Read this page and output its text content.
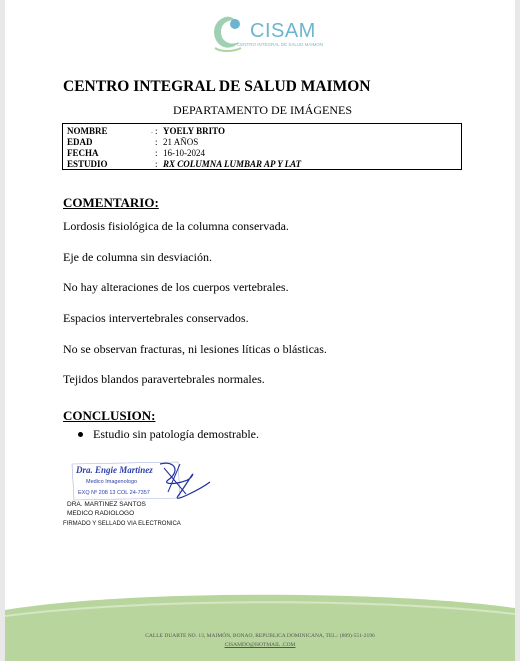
CISAM
CENTRO INTEGRAL DE SALUD MAIMON
CENTRO INTEGRAL DE SALUD MAIMON
DEPARTAMENTO DE IMÁGENES
NOMBRE	ᵕ : YOELY BRITO
EDAD	: 21 AÑOS
FECHA	: 16-10-2024
ESTUDIO	: RX COLUMNA LUMBAR AP Y LAT
COMENTARIO:
Lordosis fisiológica de la columna conservada.
Eje de columna sin desviación.
No hay alteraciones de los cuerpos vertebrales.
Espacios intervertebrales conservados.
No se observan fracturas, ni lesiones líticas o blásticas.
Tejidos blandos paravertebrales normales.
CONCLUSION:
Estudio sin patología demostrable.
Dra. Engie Martinez
Medico Imagenologo
EXQ Nº 208 13 COL 24-7357
DRA. MARTINEZ SANTOS
MEDICO RADIOLOGO
FIRMADO Y SELLADO VIA ELECTRONICA
CALLE DUARTE NO. 13, MAIMÓN, BONAO, REPUBLICA DOMINICANA, TEL.: (809)-551-2196
CISAMDO@HOTMAIL .COM
